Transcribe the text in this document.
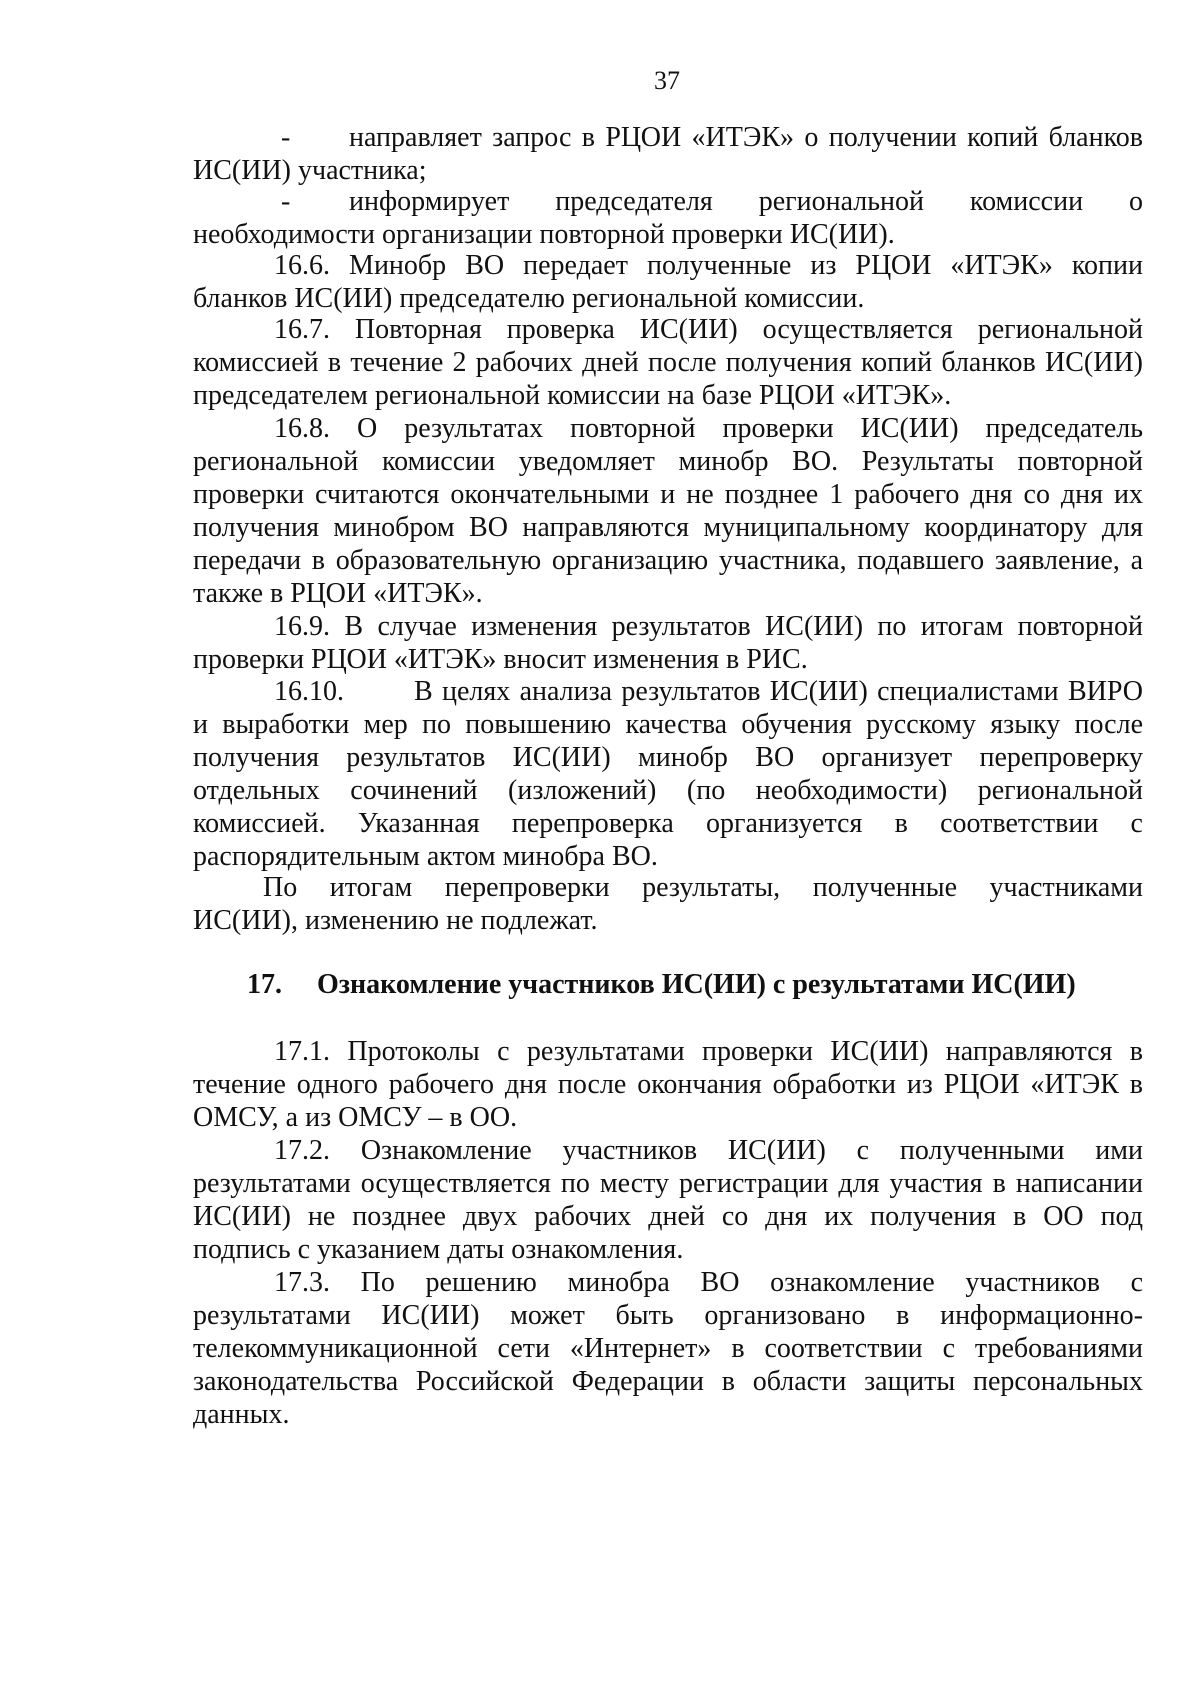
37
- направляет запрос в РЦОИ «ИТЭК» о получении копий бланков
ИС(ИИ) участника;
- информирует председателя региональной комиссии о
необходимости организации повторной проверки ИС(ИИ).
16.6. Минобр ВО передает полученные из РЦОИ «ИТЭК» копии
бланков ИС(ИИ) председателю региональной комиссии.
16.7. Повторная проверка ИС(ИИ) осуществляется региональной
комиссией в течение 2 рабочих дней после получения копий бланков ИС(ИИ)
председателем региональной комиссии на базе РЦОИ «ИТЭК».
16.8. О результатах повторной проверки ИС(ИИ) председатель
региональной комиссии уведомляет минобр ВО. Результаты повторной
проверки считаются окончательными и не позднее 1 рабочего дня со дня их
получения минобром ВО направляются муниципальному координатору для
передачи в образовательную организацию участника, подавшего заявление, а
также в РЦОИ «ИТЭК».
16.9. В случае изменения результатов ИС(ИИ) по итогам повторной
проверки РЦОИ «ИТЭК» вносит изменения в РИС.
16.10.	В целях анализа результатов ИС(ИИ) специалистами ВИРО
и выработки мер по повышению качества обучения русскому языку после
получения результатов ИС(ИИ) минобр ВО организует перепроверку
отдельных сочинений (изложений) (по необходимости) региональной
комиссией. Указанная перепроверка организуется в соответствии с
распорядительным актом минобра ВО.
По итогам перепроверки результаты, полученные участниками
ИС(ИИ), изменению не подлежат.
17. Ознакомление участников ИС(ИИ) с результатами ИС(ИИ)
17.1. Протоколы с результатами проверки ИС(ИИ) направляются в
течение одного рабочего дня после окончания обработки из РЦОИ «ИТЭК в
ОМСУ, а из ОМСУ – в ОО.
17.2. Ознакомление участников ИС(ИИ) с полученными ими
результатами осуществляется по месту регистрации для участия в написании
ИС(ИИ) не позднее двух рабочих дней со дня их получения в ОО под
подпись с указанием даты ознакомления.
17.3. По решению минобра ВО ознакомление участников с
результатами ИС(ИИ) может быть организовано в информационно-
телекоммуникационной сети «Интернет» в соответствии с требованиями
законодательства Российской Федерации в области защиты персональных
данных.
